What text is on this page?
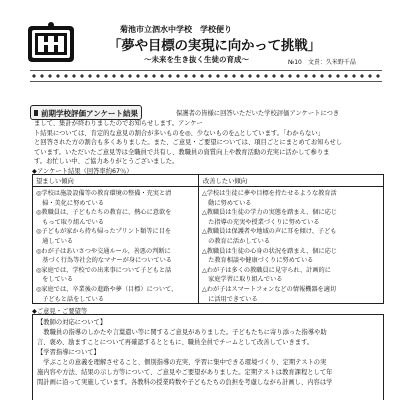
菊池市立泗水中学校　学校便り
「夢や目標の実現に向かって挑戦」
～未来を生き抜く生徒の育成～	№10 文責：久米野千晶
前期学校評価アンケート結果	保護者の皆様に回答いただいた学校評価アンケートにつき
まして、集計が終わりましたのでお知らせします。アンケー
ト結果については、肯定的な意見の割合が多いものを◎、少ないものを△としています。「わからない」
と回答された方の割合も多くありました。また、ご意見・ご要望については、項目ごとにまとめてお知らせし
ています。いただいたご意見等は全職員で共有し、教職員の資質向上や教育活動の充実に活かして参りま
す。お忙しい中、ご協力ありがとうございました。
◆アンケート結果（回答率約67％）
望ましい傾向	改善したい傾向
◎学校は施設設備等の教育環境の整備・充実と清
　掃・美化に努めている
◎教職員は、子どもたちの教育に、熱心に意欲を
　もって取り組んでいる
◎子どもが家から持ち帰ったプリント類等に目を
　通している
◎わが子はあいさつや交通ルール、善悪の判断に
　基づく行為等社会的なマナーが身についている
◎家庭では、学校での出来事について子どもと話
　をしている
◎家庭では、卒業後の進路や夢（目標）について、
　子どもと話をしている
△学校は生徒に夢や目標を持たせるような教育活
　動に努めている
△教職員は生徒の学力の実態を踏まえ、個に応じ
　た指導の充実や授業づくりに努めている
△教職員は保護者や地域の声に耳を傾け、子ども
　の教育に活かしている
△教職員は生徒の心身の状況を踏まえ、個に応じ
　た教育相談や健康づくりに努めている
△わが子は多くの教職員に見守られ、計画的に
　家庭学習に取り組んでいる
△わが子はスマートフォンなどの情報機器を適切
　に活用できている
◆ご意見・ご要望等
【教師の対応について】
　教職員の指導のしかたや言葉遣い等に関するご意見がありました。子どもたちに寄り添った指導や助
言、褒め、励ますことについて再確認するとともに、職員全員でチームとして改善していきます。
【学習指導について】
　学ぶことの意義を理解させること、個別指導の充実、学習に集中できる環境づくり、定期テストの実
施内容や方法、結果の示し方等について、ご意見やご要望がありました。定期テストは教育課程として年
間計画に沿って実施しています。各教科の授業時数や子どもたちの負担を考慮しながら計画し、内容は学
